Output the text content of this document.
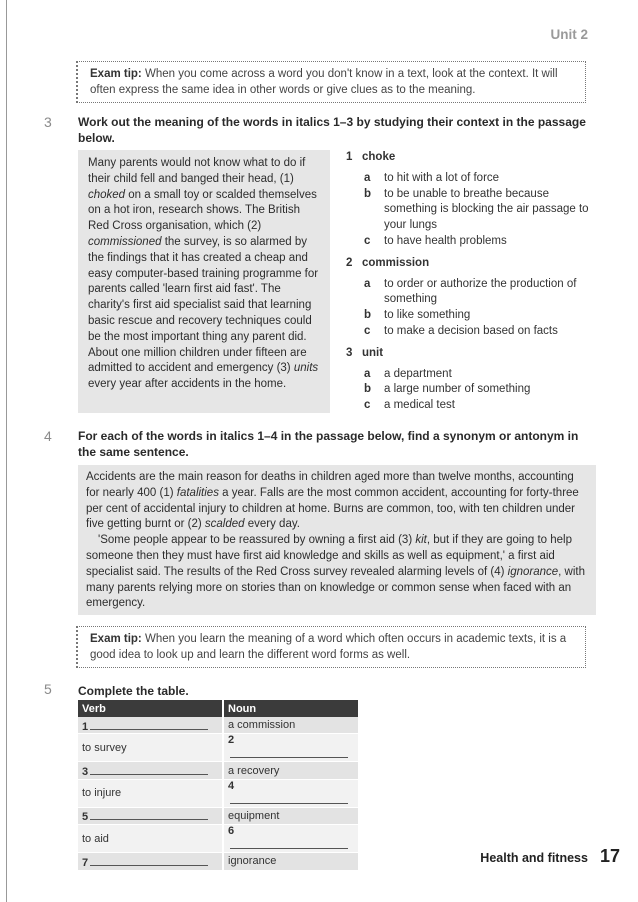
Unit 2
Exam tip: When you come across a word you don't know in a text, look at the context. It will often express the same idea in other words or give clues as to the meaning.
3 Work out the meaning of the words in italics 1–3 by studying their context in the passage below.

Many parents would not know what to do if their child fell and banged their head, (1) choked on a small toy or scalded themselves on a hot iron, research shows. The British Red Cross organisation, which (2) commissioned the survey, is so alarmed by the findings that it has created a cheap and easy computer-based training programme for parents called 'learn first aid fast'. The charity's first aid specialist said that learning basic rescue and recovery techniques could be the most important thing any parent did. About one million children under fifteen are admitted to accident and emergency (3) units every year after accidents in the home.

1 choke
a to hit with a lot of force
b to be unable to breathe because something is blocking the air passage to your lungs
c to have health problems
2 commission
a to order or authorize the production of something
b to like something
c to make a decision based on facts
3 unit
a a department
b a large number of something
c a medical test
4 For each of the words in italics 1–4 in the passage below, find a synonym or antonym in the same sentence.

Accidents are the main reason for deaths in children aged more than twelve months, accounting for nearly 400 (1) fatalities a year. Falls are the most common accident, accounting for forty-three per cent of accidental injury to children at home. Burns are common, too, with ten children under five getting burnt or (2) scalded every day.

'Some people appear to be reassured by owning a first aid (3) kit, but if they are going to help someone then they must have first aid knowledge and skills as well as equipment,' a first aid specialist said. The results of the Red Cross survey revealed alarming levels of (4) ignorance, with many parents relying more on stories than on knowledge or common sense when faced with an emergency.

Exam tip: When you learn the meaning of a word which often occurs in academic texts, it is a good idea to look up and learn the different word forms as well.
5 Complete the table.
Verb	Noun
1	a commission
to survey	2
3	a recovery
to injure	4
5	equipment
to aid	6
7	ignorance	Health and fitness 17
